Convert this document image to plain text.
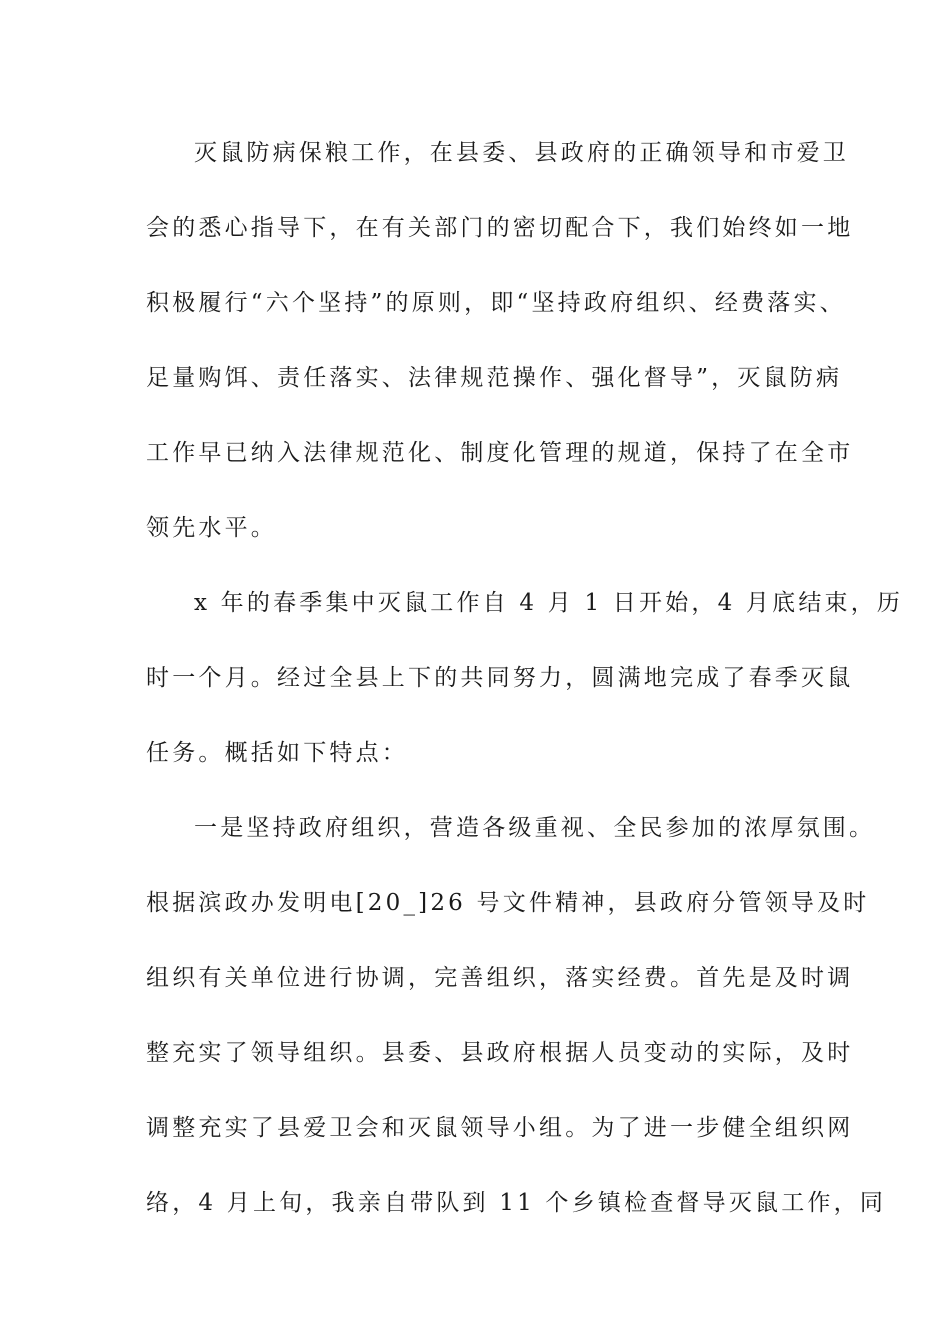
灭鼠防病保粮工作，在县委、县政府的正确领导和市爱卫
会的悉心指导下，在有关部门的密切配合下，我们始终如一地
积极履行“六个坚持”的原则，即“坚持政府组织、经费落实、
足量购饵、责任落实、法律规范操作、强化督导”，灭鼠防病
工作早已纳入法律规范化、制度化管理的规道，保持了在全市
领先水平。
x 年的春季集中灭鼠工作自 4 月 1 日开始，4 月底结束，历
时一个月。经过全县上下的共同努力，圆满地完成了春季灭鼠
任务。概括如下特点：
一是坚持政府组织，营造各级重视、全民参加的浓厚氛围。
根据滨政办发明电[20_]26 号文件精神，县政府分管领导及时
组织有关单位进行协调，完善组织，落实经费。首先是及时调
整充实了领导组织。县委、县政府根据人员变动的实际，及时
调整充实了县爱卫会和灭鼠领导小组。为了进一步健全组织网
络，4 月上旬，我亲自带队到 11 个乡镇检查督导灭鼠工作，同
